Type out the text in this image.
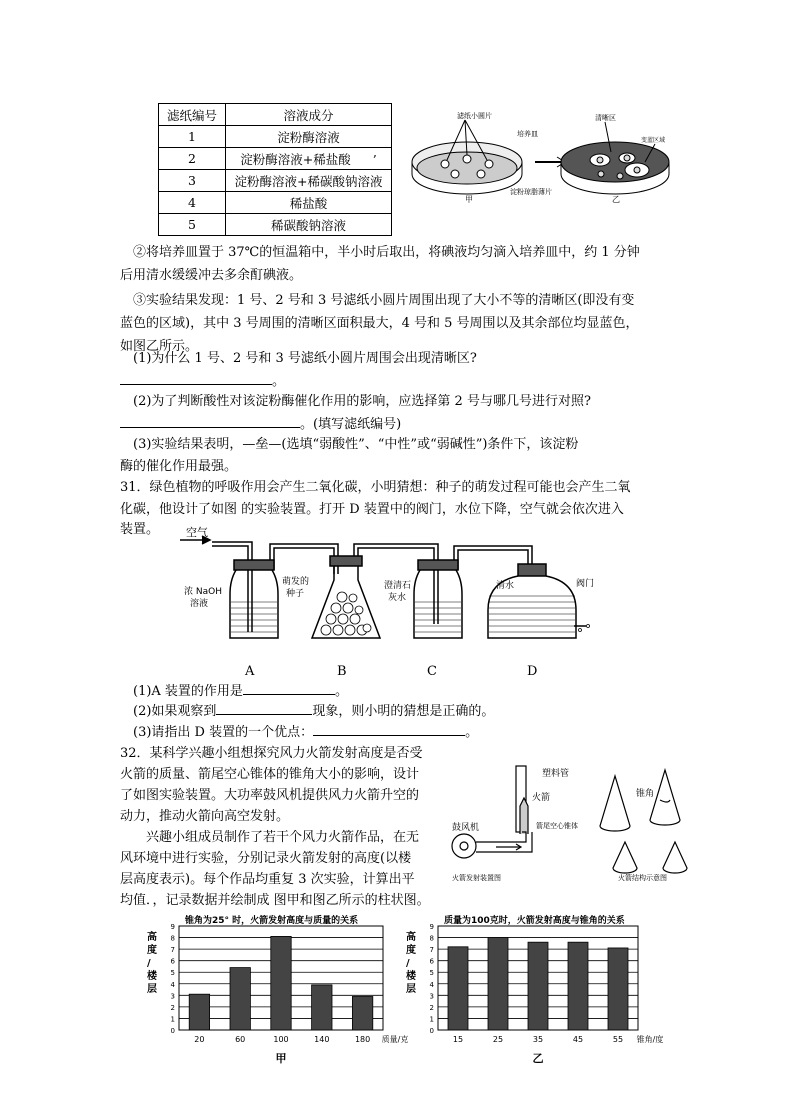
滤纸编号	溶液成分
1	淀粉酶溶液
2	淀粉酶溶液+稀盐酸 ’
3	淀粉酶溶液+稀碳酸钠溶液
4	稀盐酸
5	稀碳酸钠溶液
滤纸小圆片
培养皿
清晰区
变蓝区域
淀粉琼脂薄片
甲	乙
②将培养皿置于 37℃的恒温箱中，半小时后取出，将碘液均匀滴入培养皿中，约 1 分钟
后用清水缓缓冲去多余酊碘液。
③实验结果发现：1 号、2 号和 3 号滤纸小圆片周围出现了大小不等的清晰区(即没有变
蓝色的区域)，其中 3 号周围的清晰区面积最大，4 号和 5 号周围以及其余部位均显蓝色，
如图乙所示。
(1)为什么 1 号、2 号和 3 号滤纸小圆片周围会出现清晰区?
。
(2)为了判断酸性对该淀粉酶催化作用的影响，应选择第 2 号与哪几号进行对照?
。(填写滤纸编号)
(3)实验结果表明，—垒—(选填“弱酸性”、“中性”或“弱碱性”)条件下，该淀粉
酶的催化作用最强。
31．绿色植物的呼吸作用会产生二氧化碳，小明猜想：种子的萌发过程可能也会产生二氧
化碳，他设计了如图 的实验装置。打开 D 装置中的阀门，水位下降，空气就会依次进入
装置。 空气
浓 NaOH
溶液
萌发的
种子
澄清石
灰水
清水	阀门
A	B	C	D
(1)A 装置的作用是	。
(2)如果观察到	现象，则小明的猜想是正确的。
(3)请指出 D 装置的一个优点：	。
32．某科学兴趣小组想探究风力火箭发射高度是否受
火箭的质量、箭尾空心锥体的锥角大小的影响，设计
了如图实验装置。大功率鼓风机提供风力火箭升空的
动力，推动火箭向高空发射。
兴趣小组成员制作了若干个风力火箭作品，在无
风环境中进行实验，分别记录火箭发射的高度(以楼
层高度表示)。每个作品均重复 3 次实验，计算出平
均值．，记录数据并绘制成 图甲和图乙所示的柱状图。
塑料管
火箭
鼓风机	箭尾空心锥体
锥角
火箭发射装置图	火箭结构示意图
高度/楼层
锥角为25° 时，火箭发射高度与质量的关系
0
1
2
3
4
5
6
7
8
9
20	60	100	140	180 质量/克
甲
高度/楼层
质量为100克时，火箭发射高度与锥角的关系
0
1
2
3
4
5
6
7
8
9
15	25	35	45	55 锥角/度
乙
